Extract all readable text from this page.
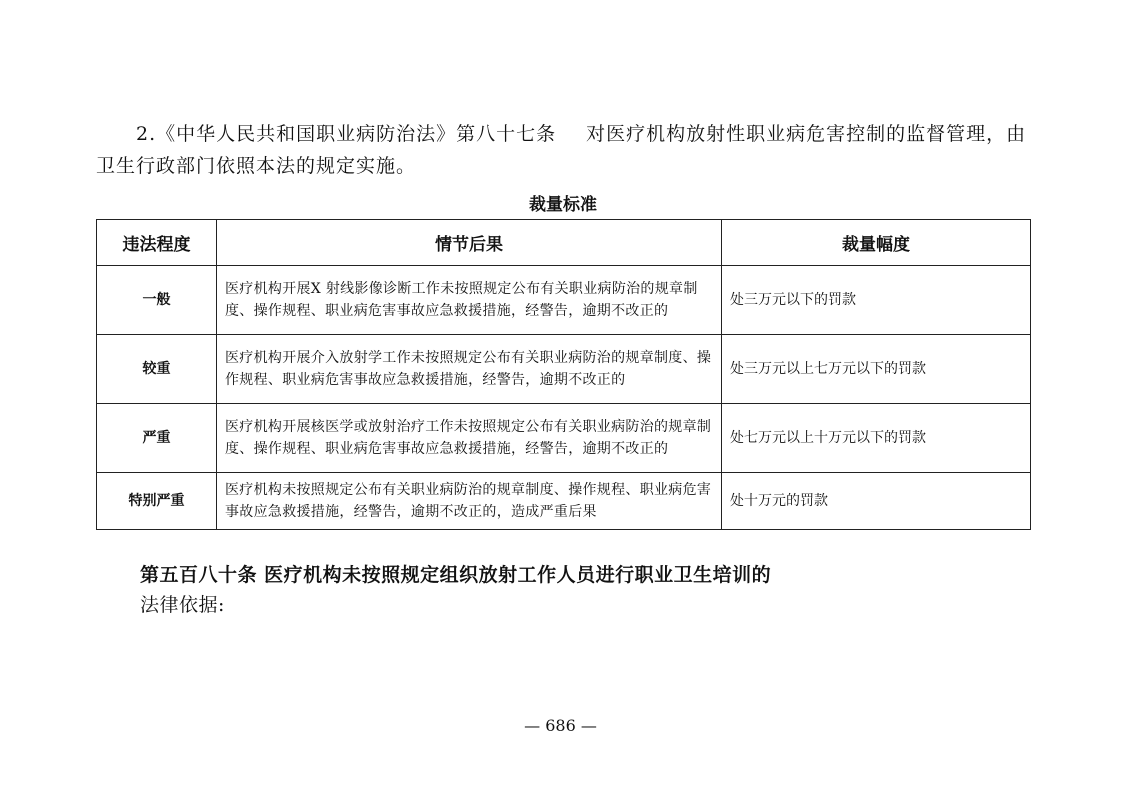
2.《中华人民共和国职业病防治法》第八十七条 对医疗机构放射性职业病危害控制的监督管理，由卫生行政部门依照本法的规定实施。
裁量标准
违法程度	情节后果	裁量幅度
一般	医疗机构开展X 射线影像诊断工作未按照规定公布有关职业病防治的规章制度、操作规程、职业病危害事故应急救援措施，经警告，逾期不改正的	处三万元以下的罚款
较重	医疗机构开展介入放射学工作未按照规定公布有关职业病防治的规章制度、操作规程、职业病危害事故应急救援措施，经警告，逾期不改正的	处三万元以上七万元以下的罚款
严重	医疗机构开展核医学或放射治疗工作未按照规定公布有关职业病防治的规章制度、操作规程、职业病危害事故应急救援措施，经警告，逾期不改正的	处七万元以上十万元以下的罚款
特别严重	医疗机构未按照规定公布有关职业病防治的规章制度、操作规程、职业病危害事故应急救援措施，经警告，逾期不改正的，造成严重后果	处十万元的罚款
第五百八十条 医疗机构未按照规定组织放射工作人员进行职业卫生培训的
法律依据:
— 686 —
